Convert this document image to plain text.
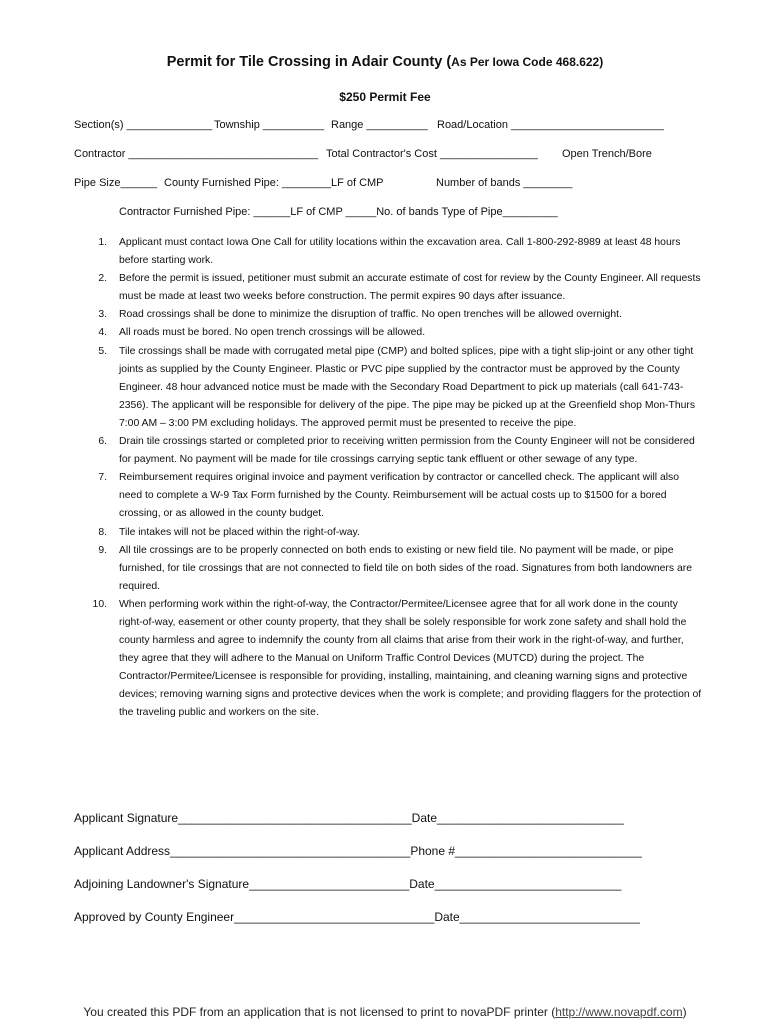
Permit for Tile Crossing in Adair County (As Per Iowa Code 468.622)
$250 Permit Fee
Section(s) ______________ Township __________ Range __________ Road/Location _________________________
Contractor _______________________________ Total Contractor's Cost ________________ Open Trench/Bore
Pipe Size______ County Furnished Pipe: ________LF of CMP	Number of bands ________
Contractor Furnished Pipe: ______LF of CMP _____No. of bands Type of Pipe_________
1. Applicant must contact Iowa One Call for utility locations within the excavation area. Call 1-800-292-8989 at least 48 hours before starting work.
2. Before the permit is issued, petitioner must submit an accurate estimate of cost for review by the County Engineer. All requests must be made at least two weeks before construction. The permit expires 90 days after issuance.
3. Road crossings shall be done to minimize the disruption of traffic. No open trenches will be allowed overnight.
4. All roads must be bored. No open trench crossings will be allowed.
5. Tile crossings shall be made with corrugated metal pipe (CMP) and bolted splices, pipe with a tight slip-joint or any other tight joints as supplied by the County Engineer. Plastic or PVC pipe supplied by the contractor must be approved by the County Engineer. 48 hour advanced notice must be made with the Secondary Road Department to pick up materials (call 641-743-2356). The applicant will be responsible for delivery of the pipe. The pipe may be picked up at the Greenfield shop Mon-Thurs 7:00 AM – 3:00 PM excluding holidays. The approved permit must be presented to receive the pipe.
6. Drain tile crossings started or completed prior to receiving written permission from the County Engineer will not be considered for payment. No payment will be made for tile crossings carrying septic tank effluent or other sewage of any type.
7. Reimbursement requires original invoice and payment verification by contractor or cancelled check. The applicant will also need to complete a W-9 Tax Form furnished by the County. Reimbursement will be actual costs up to $1500 for a bored crossing, or as allowed in the county budget.
8. Tile intakes will not be placed within the right-of-way.
9. All tile crossings are to be properly connected on both ends to existing or new field tile. No payment will be made, or pipe furnished, for tile crossings that are not connected to field tile on both sides of the road. Signatures from both landowners are required.
10. When performing work within the right-of-way, the Contractor/Permitee/Licensee agree that for all work done in the county right-of-way, easement or other county property, that they shall be solely responsible for work zone safety and shall hold the county harmless and agree to indemnify the county from all claims that arise from their work in the right-of-way, and further, they agree that they will adhere to the Manual on Uniform Traffic Control Devices (MUTCD) during the project. The Contractor/Permitee/Licensee is responsible for providing, installing, maintaining, and cleaning warning signs and protective devices; removing warning signs and protective devices when the work is complete; and providing flaggers for the protection of the traveling public and workers on the site.
Applicant Signature___________________________________Date____________________________
Applicant Address____________________________________Phone #____________________________
Adjoining Landowner's Signature________________________Date____________________________
Approved by County Engineer______________________________Date___________________________
You created this PDF from an application that is not licensed to print to novaPDF printer (http://www.novapdf.com)
